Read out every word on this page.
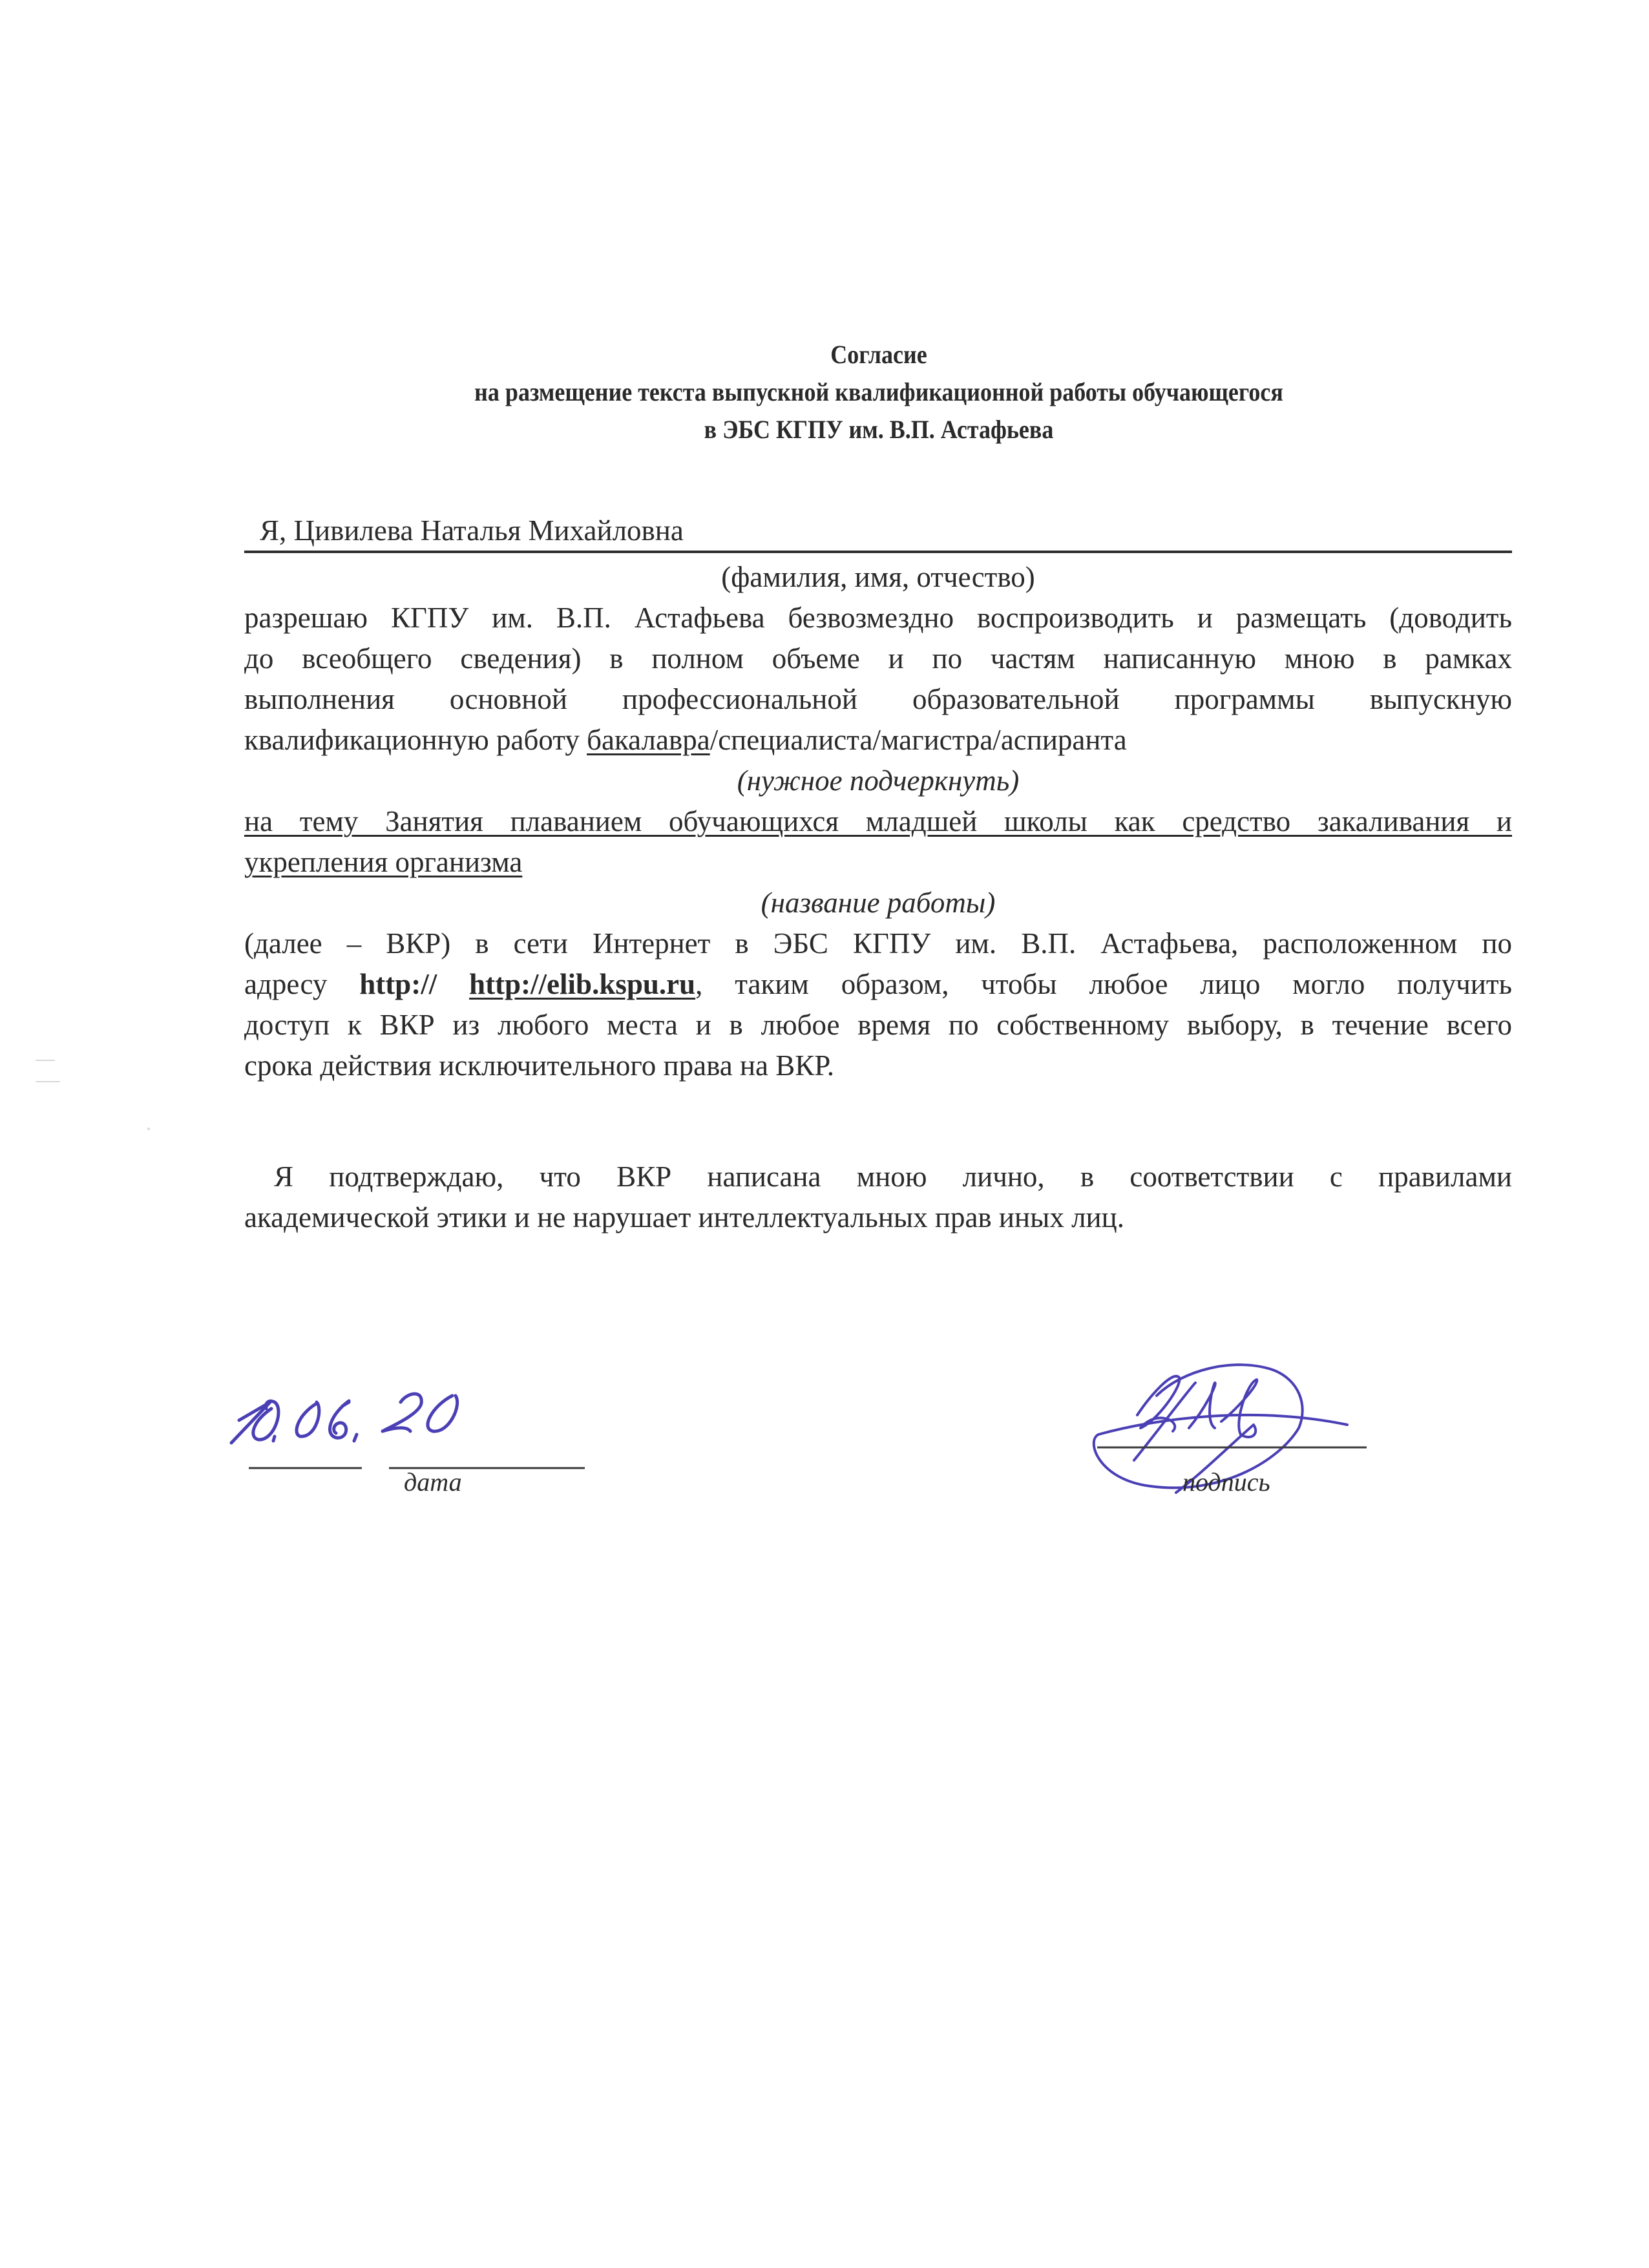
Согласие
на размещение текста выпускной квалификационной работы обучающегося
в ЭБС КГПУ им. В.П. Астафьева
Я, Цивилева Наталья Михайловна
(фамилия, имя, отчество)
разрешаю КГПУ им. В.П. Астафьева безвозмездно воспроизводить и размещать (доводить
до всеобщего сведения) в полном объеме и по частям написанную мною в рамках
выполнения основной профессиональной образовательной программы выпускную
квалификационную работу бакалавра/специалиста/магистра/аспиранта
(нужное подчеркнуть)
на тему Занятия плаванием обучающихся младшей школы как средство закаливания и
укрепления организма
(название работы)
(далее – ВКР) в сети Интернет в ЭБС КГПУ им. В.П. Астафьева, расположенном по
адресу http:// http://elib.kspu.ru, таким образом, чтобы любое лицо могло получить
доступ к ВКР из любого места и в любое время по собственному выбору, в течение всего
срока действия исключительного права на ВКР.
Я подтверждаю, что ВКР написана мною лично, в соответствии с правилами
академической этики и не нарушает интеллектуальных прав иных лиц.
дата	подпись
